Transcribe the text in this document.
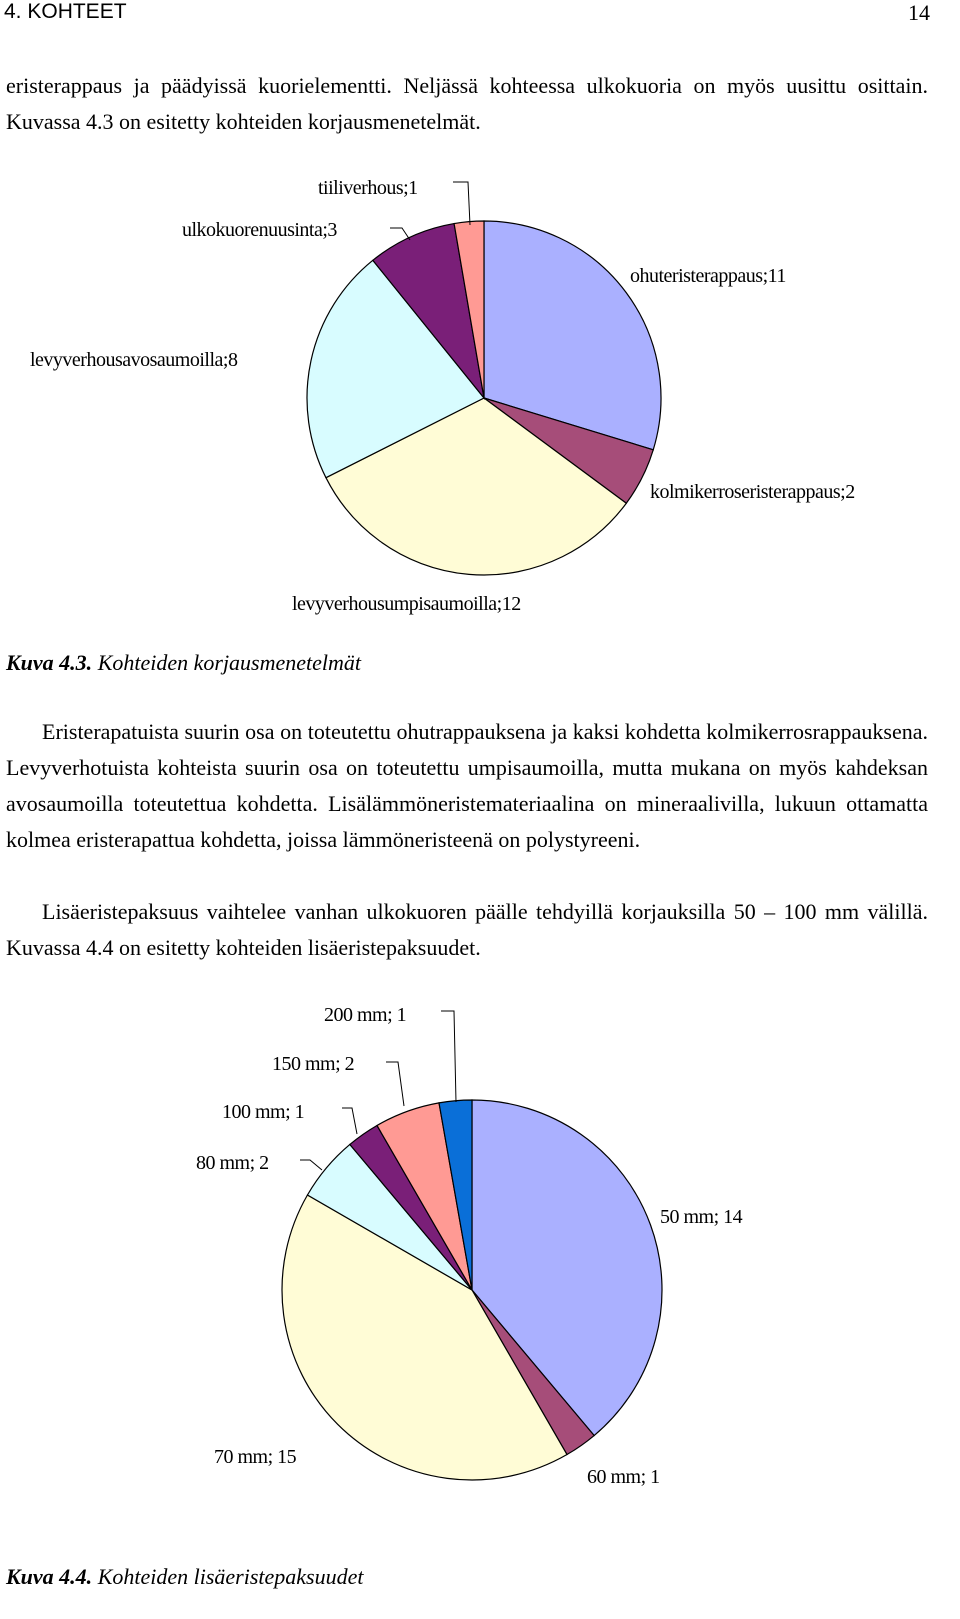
4. KOHTEET	14

eristerappaus ja päädyissä kuorielementti. Neljässä kohteessa ulkokuoria on myös uusittu osittain. Kuvassa 4.3 on esitetty kohteiden korjausmenetelmät.

ohuteristerappaus;11
kolmikerroseristerappaus;2
levyverhousumpisaumoilla;12
levyverhousavosaumoilla;8
ulkokuorenuusinta;3
tiiliverhous;1
Kuva 4.3. Kohteiden korjausmenetelmät

Eristerapatuista suurin osa on toteutettu ohutrappauksena ja kaksi kohdetta kolmikerrosrappauksena. Levyverhotuista kohteista suurin osa on toteutettu umpisaumoilla, mutta mukana on myös kahdeksan avosaumoilla toteutettua kohdetta. Lisälämmöneristemateriaalina on mineraalivilla, lukuun ottamatta kolmea eristerapattua kohdetta, joissa lämmöneristeenä on polystyreeni.

Lisäeristepaksuus vaihtelee vanhan ulkokuoren päälle tehdyillä korjauksilla 50 – 100 mm välillä. Kuvassa 4.4 on esitetty kohteiden lisäeristepaksuudet.

50 mm; 14
60 mm; 1
70 mm; 15
80 mm; 2
100 mm; 1
150 mm; 2
200 mm; 1
Kuva 4.4. Kohteiden lisäeristepaksuudet
